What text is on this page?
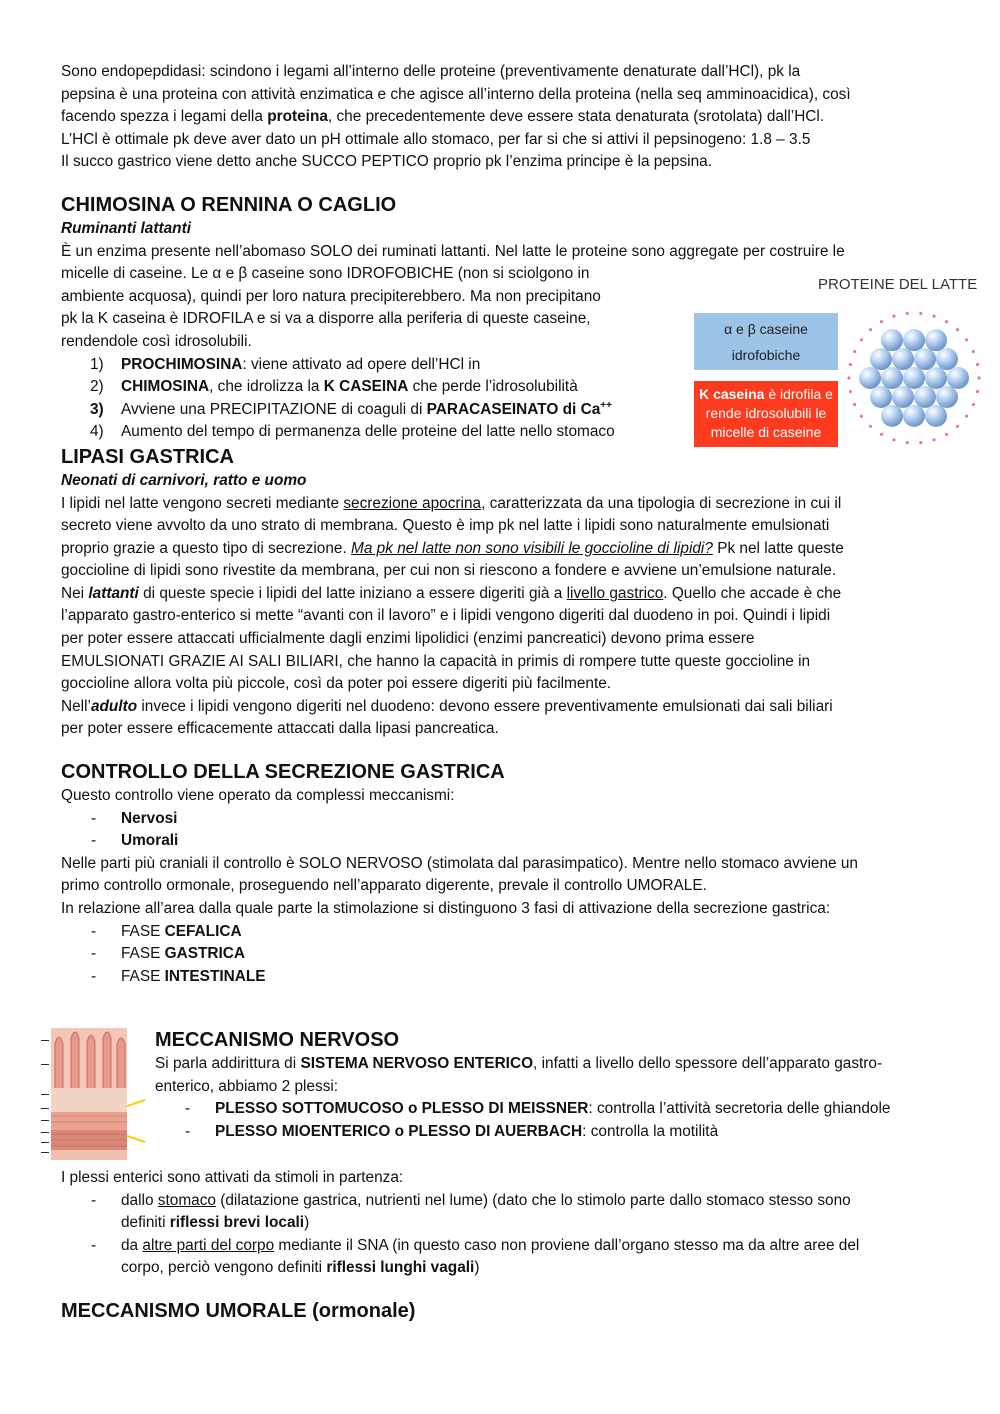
Sono endopepdidasi: scindono i legami all’interno delle proteine (preventivamente denaturate dall’HCl), pk la

pepsina è una proteina con attività enzimatica e che agisce all’interno della proteina (nella seq amminoacidica), così

facendo spezza i legami della proteina, che precedentemente deve essere stata denaturata (srotolata) dall’HCl.

L’HCl è ottimale pk deve aver dato un pH ottimale allo stomaco, per far si che si attivi il pepsinogeno: 1.8 – 3.5

Il succo gastrico viene detto anche SUCCO PEPTICO proprio pk l’enzima principe è la pepsina.

CHIMOSINA O RENNINA O CAGLIO

Ruminanti lattanti

È un enzima presente nell’abomaso SOLO dei ruminati lattanti. Nel latte le proteine sono aggregate per costruire le

micelle di caseine. Le α e β caseine sono IDROFOBICHE (non si sciolgono in

ambiente acquosa), quindi per loro natura precipiterebbero. Ma non precipitano

pk la K caseina è IDROFILA e si va a disporre alla periferia di queste caseine,

rendendole così idrosolubili.

1) PROCHIMOSINA: viene attivato ad opere dell’HCl in
2) CHIMOSINA, che idrolizza la K CASEINA che perde l’idrosolubilità
3) Avviene una PRECIPITAZIONE di coaguli di PARACASEINATO di Ca++
4) Aumento del tempo di permanenza delle proteine del latte nello stomaco
LIPASI GASTRICA

Neonati di carnivori, ratto e uomo

I lipidi nel latte vengono secreti mediante secrezione apocrina, caratterizzata da una tipologia di secrezione in cui il

secreto viene avvolto da uno strato di membrana. Questo è imp pk nel latte i lipidi sono naturalmente emulsionati

proprio grazie a questo tipo di secrezione. Ma pk nel latte non sono visibili le goccioline di lipidi? Pk nel latte queste

goccioline di lipidi sono rivestite da membrana, per cui non si riescono a fondere e avviene un’emulsione naturale.

Nei lattanti di queste specie i lipidi del latte iniziano a essere digeriti già a livello gastrico. Quello che accade è che

l’apparato gastro-enterico si mette “avanti con il lavoro” e i lipidi vengono digeriti dal duodeno in poi. Quindi i lipidi

per poter essere attaccati ufficialmente dagli enzimi lipolidici (enzimi pancreatici) devono prima essere

EMULSIONATI GRAZIE AI SALI BILIARI, che hanno la capacità in primis di rompere tutte queste goccioline in

goccioline allora volta più piccole, così da poter poi essere digeriti più facilmente.

Nell’adulto invece i lipidi vengono digeriti nel duodeno: devono essere preventivamente emulsionati dai sali biliari

per poter essere efficacemente attaccati dalla lipasi pancreatica.

CONTROLLO DELLA SECREZIONE GASTRICA

Questo controllo viene operato da complessi meccanismi:

- Nervosi
- Umorali

Nelle parti più craniali il controllo è SOLO NERVOSO (stimolata dal parasimpatico). Mentre nello stomaco avviene un

primo controllo ormonale, proseguendo nell’apparato digerente, prevale il controllo UMORALE.

In relazione all’area dalla quale parte la stimolazione si distinguono 3 fasi di attivazione della secrezione gastrica:

- FASE CEFALICA
- FASE GASTRICA
- FASE INTESTINALE
PROTEINE DEL LATTE
α e β caseine
idrofobiche
K caseina è idrofila e
rende idrosolubili le
micelle di caseine
MECCANISMO NERVOSO

Si parla addirittura di SISTEMA NERVOSO ENTERICO, infatti a livello dello spessore dell’apparato gastro-

enterico, abbiamo 2 plessi:

- PLESSO SOTTOMUCOSO o PLESSO DI MEISSNER: controlla l’attività secretoria delle ghiandole
- PLESSO MIOENTERICO o PLESSO DI AUERBACH: controlla la motilità

I plessi enterici sono attivati da stimoli in partenza:

- dallo stomaco (dilatazione gastrica, nutrienti nel lume) (dato che lo stimolo parte dallo stomaco stesso sono
definiti riflessi brevi locali)
- da altre parti del corpo mediante il SNA (in questo caso non proviene dall’organo stesso ma da altre aree del
corpo, perciò vengono definiti riflessi lunghi vagali)
MECCANISMO UMORALE (ormonale)
